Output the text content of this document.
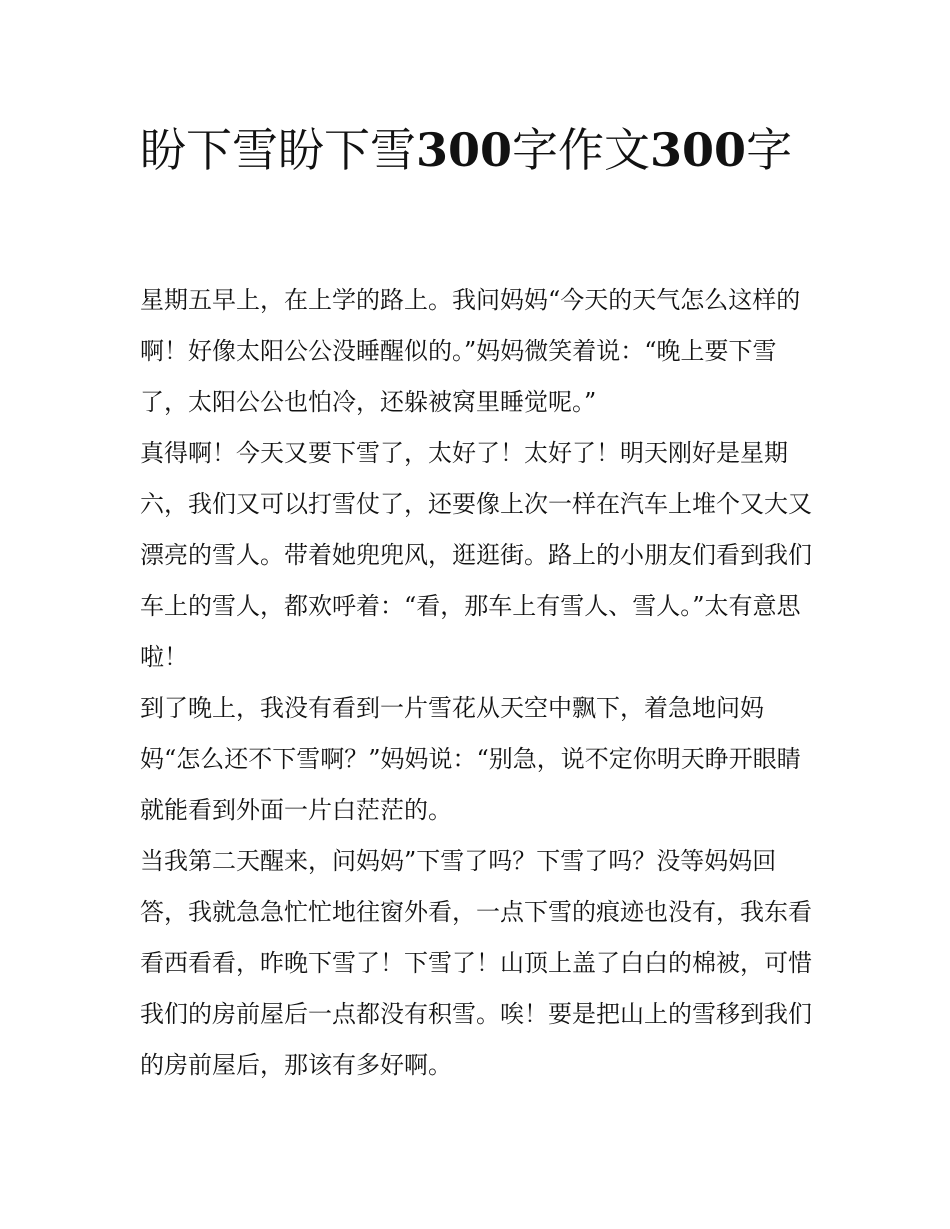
盼下雪盼下雪300字作文300字

星期五早上，在上学的路上。我问妈妈“今天的天气怎么这样的啊！好像太阳公公没睡醒似的。”妈妈微笑着说：“晚上要下雪了，太阳公公也怕冷，还躲被窝里睡觉呢。”

真得啊！今天又要下雪了，太好了！太好了！明天刚好是星期六，我们又可以打雪仗了，还要像上次一样在汽车上堆个又大又漂亮的雪人。带着她兜兜风，逛逛街。路上的小朋友们看到我们车上的雪人，都欢呼着：“看，那车上有雪人、雪人。”太有意思啦！

到了晚上，我没有看到一片雪花从天空中飘下，着急地问妈妈“怎么还不下雪啊？”妈妈说：“别急，说不定你明天睁开眼睛就能看到外面一片白茫茫的。

当我第二天醒来，问妈妈”下雪了吗？下雪了吗？没等妈妈回答，我就急急忙忙地往窗外看，一点下雪的痕迹也没有，我东看看西看看，昨晚下雪了！下雪了！山顶上盖了白白的棉被，可惜我们的房前屋后一点都没有积雪。唉！要是把山上的雪移到我们的房前屋后，那该有多好啊。
